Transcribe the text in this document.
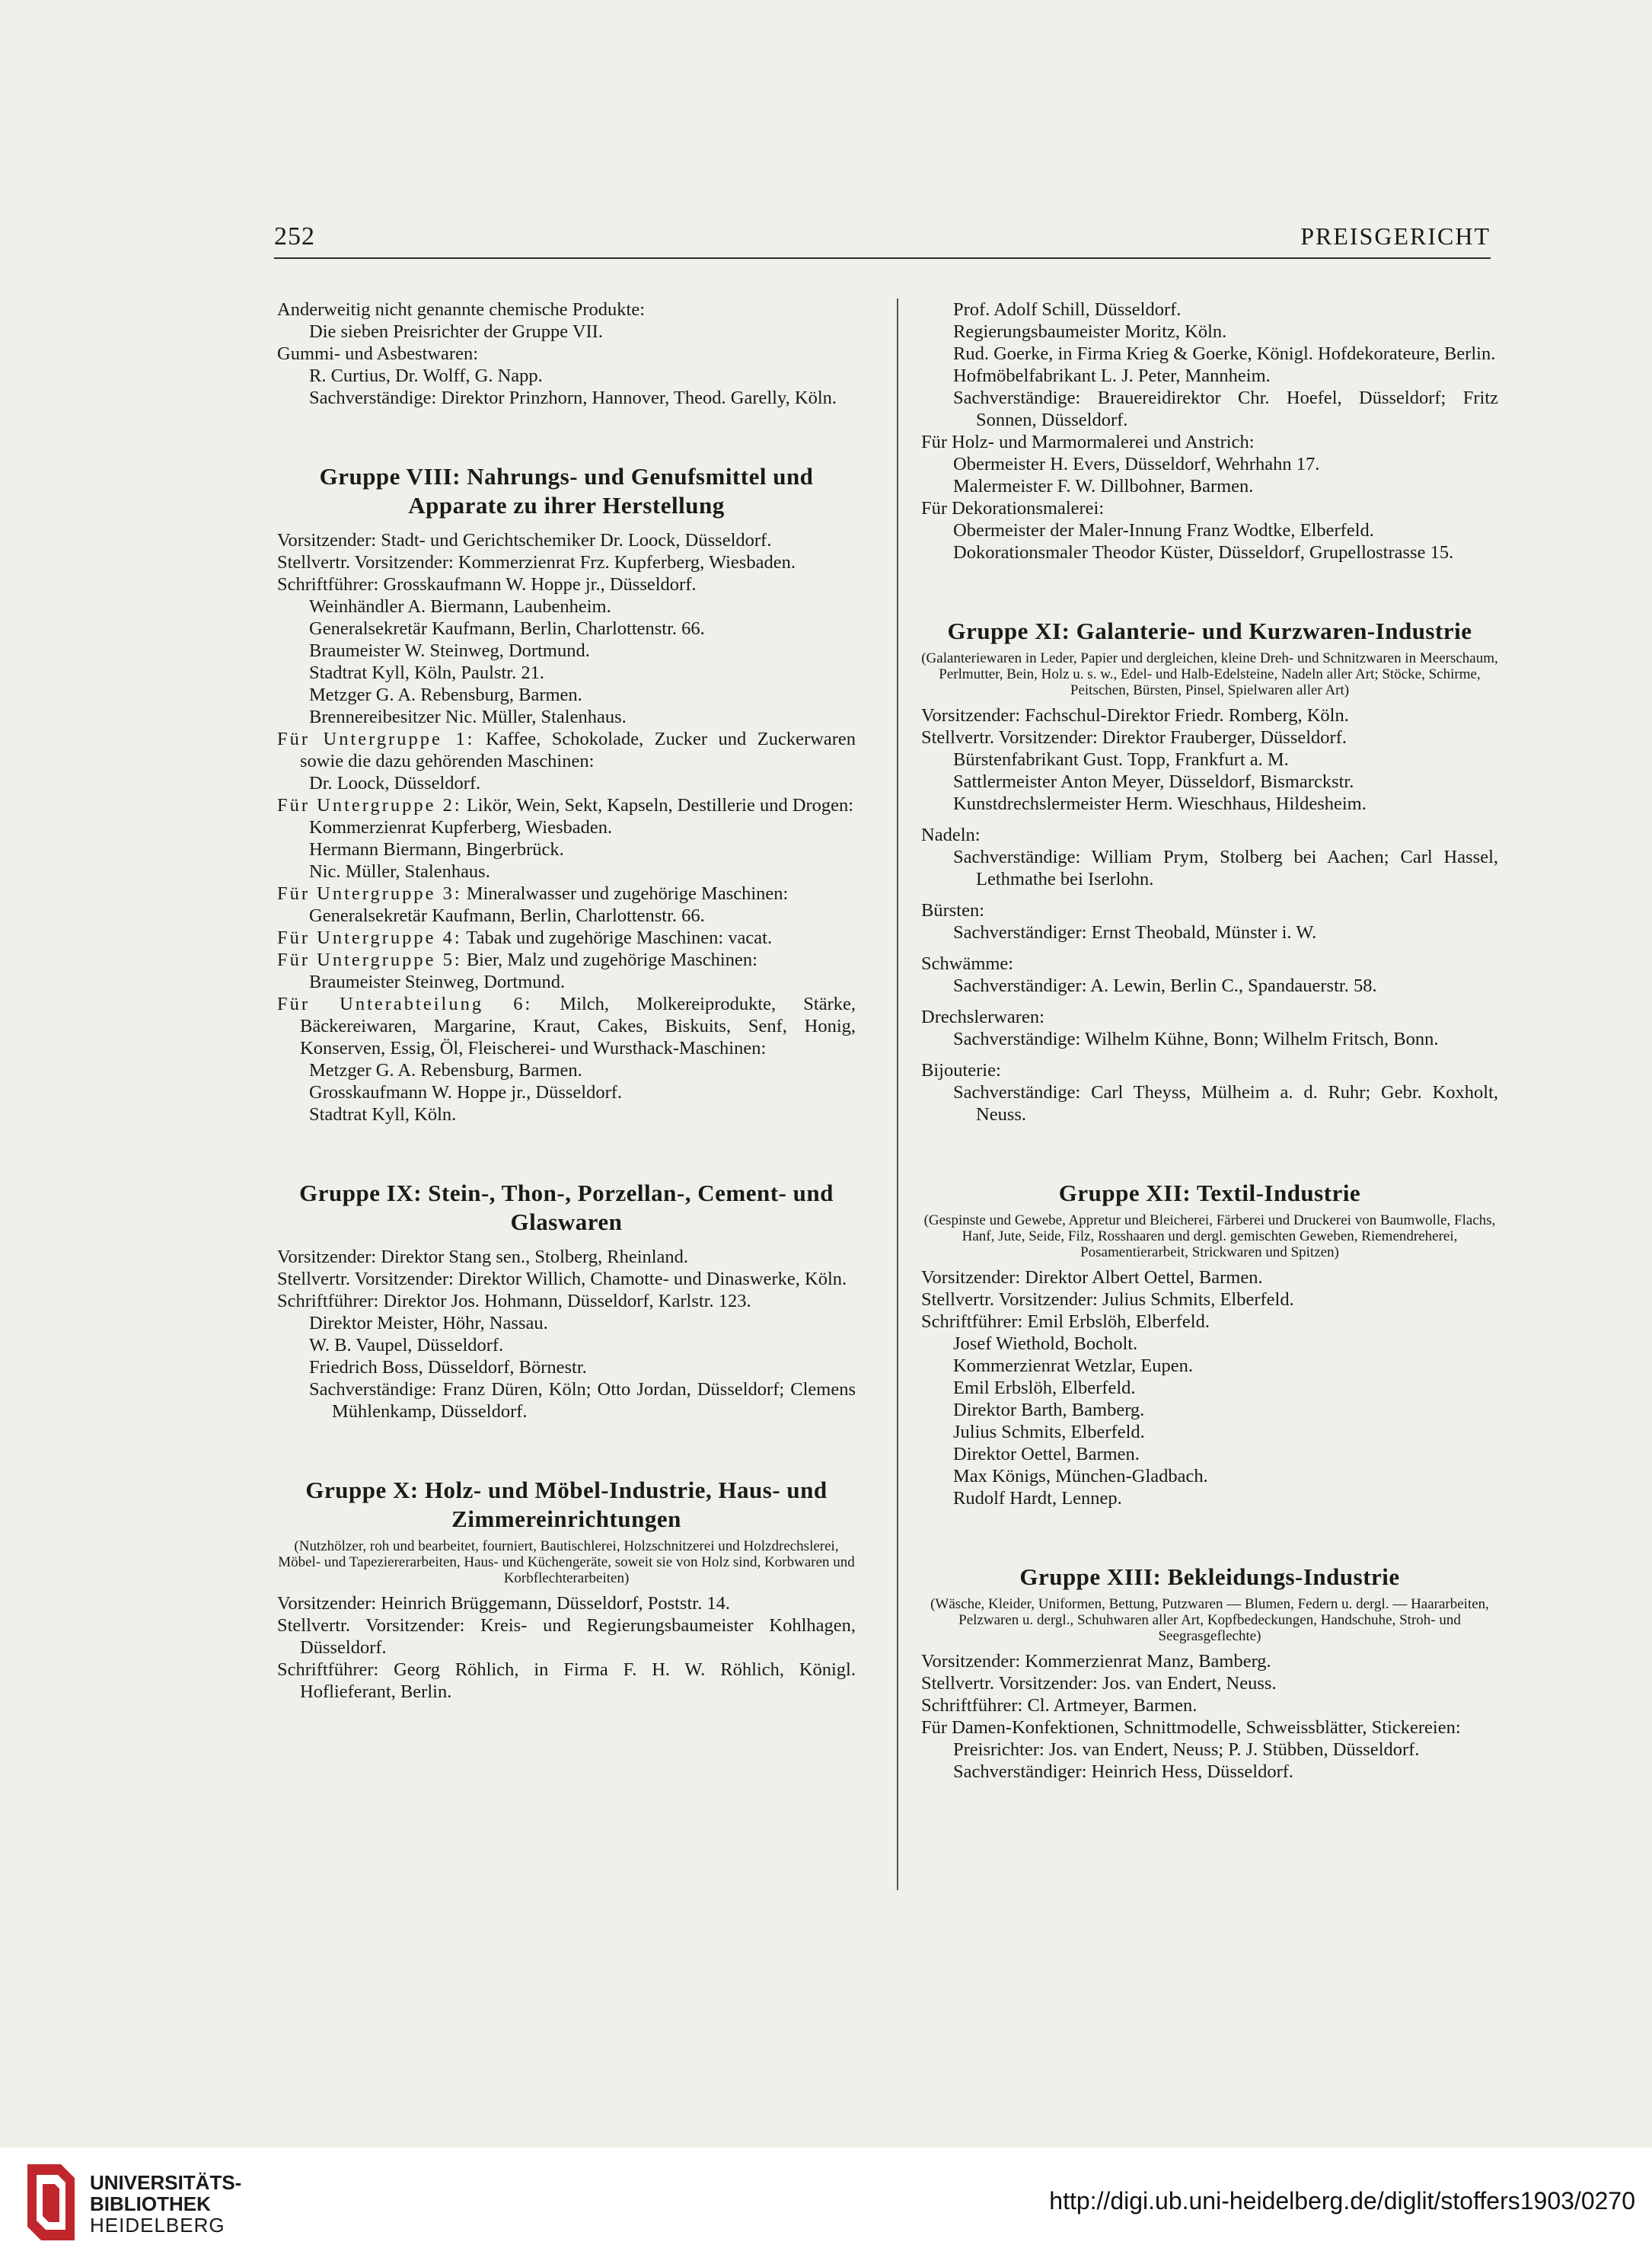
252	PREISGERICHT

Anderweitig nicht genannte chemische Produkte:

Die sieben Preisrichter der Gruppe VII.

Gummi- und Asbestwaren:

R. Curtius, Dr. Wolff, G. Napp.

Sachverständige: Direktor Prinzhorn, Hannover, Theod. Garelly, Köln.

Gruppe VIII: Nahrungs- und Genufsmittel und Apparate zu ihrer Herstellung

Vorsitzender: Stadt- und Gerichtschemiker Dr. Loock, Düsseldorf.

Stellvertr. Vorsitzender: Kommerzienrat Frz. Kupferberg, Wiesbaden.

Schriftführer: Grosskaufmann W. Hoppe jr., Düsseldorf.

Weinhändler A. Biermann, Laubenheim.

Generalsekretär Kaufmann, Berlin, Charlottenstr. 66.

Braumeister W. Steinweg, Dortmund.

Stadtrat Kyll, Köln, Paulstr. 21.

Metzger G. A. Rebensburg, Barmen.

Brennereibesitzer Nic. Müller, Stalenhaus.

Für Untergruppe 1: Kaffee, Schokolade, Zucker und Zuckerwaren sowie die dazu gehörenden Maschinen:

Dr. Loock, Düsseldorf.

Für Untergruppe 2: Likör, Wein, Sekt, Kapseln, Destillerie und Drogen:

Kommerzienrat Kupferberg, Wiesbaden.

Hermann Biermann, Bingerbrück.

Nic. Müller, Stalenhaus.

Für Untergruppe 3: Mineralwasser und zugehörige Maschinen:

Generalsekretär Kaufmann, Berlin, Charlottenstr. 66.

Für Untergruppe 4: Tabak und zugehörige Maschinen: vacat.

Für Untergruppe 5: Bier, Malz und zugehörige Maschinen:

Braumeister Steinweg, Dortmund.

Für Unterabteilung 6: Milch, Molkereiprodukte, Stärke, Bäckereiwaren, Margarine, Kraut, Cakes, Biskuits, Senf, Honig, Konserven, Essig, Öl, Fleischerei- und Wursthack-Maschinen:

Metzger G. A. Rebensburg, Barmen.

Grosskaufmann W. Hoppe jr., Düsseldorf.

Stadtrat Kyll, Köln.

Gruppe IX: Stein-, Thon-, Porzellan-, Cement- und Glaswaren

Vorsitzender: Direktor Stang sen., Stolberg, Rheinland.

Stellvertr. Vorsitzender: Direktor Willich, Chamotte- und Dinaswerke, Köln.

Schriftführer: Direktor Jos. Hohmann, Düsseldorf, Karlstr. 123.

Direktor Meister, Höhr, Nassau.

W. B. Vaupel, Düsseldorf.

Friedrich Boss, Düsseldorf, Börnestr.

Sachverständige: Franz Düren, Köln; Otto Jordan, Düsseldorf; Clemens Mühlenkamp, Düsseldorf.

Gruppe X: Holz- und Möbel-Industrie, Haus- und Zimmereinrichtungen

(Nutzhölzer, roh und bearbeitet, fourniert, Bautischlerei, Holzschnitzerei und Holzdrechslerei, Möbel- und Tapeziererarbeiten, Haus- und Küchengeräte, soweit sie von Holz sind, Korbwaren und Korbflechterarbeiten)

Vorsitzender: Heinrich Brüggemann, Düsseldorf, Poststr. 14.

Stellvertr. Vorsitzender: Kreis- und Regierungsbaumeister Kohlhagen, Düsseldorf.

Schriftführer: Georg Röhlich, in Firma F. H. W. Röhlich, Königl. Hoflieferant, Berlin.

Prof. Adolf Schill, Düsseldorf.

Regierungsbaumeister Moritz, Köln.

Rud. Goerke, in Firma Krieg & Goerke, Königl. Hofdekorateure, Berlin.

Hofmöbelfabrikant L. J. Peter, Mannheim.

Sachverständige: Brauereidirektor Chr. Hoefel, Düsseldorf; Fritz Sonnen, Düsseldorf.

Für Holz- und Marmormalerei und Anstrich:

Obermeister H. Evers, Düsseldorf, Wehrhahn 17.

Malermeister F. W. Dillbohner, Barmen.

Für Dekorationsmalerei:

Obermeister der Maler-Innung Franz Wodtke, Elberfeld.

Dokorationsmaler Theodor Küster, Düsseldorf, Grupellostrasse 15.

Gruppe XI: Galanterie- und Kurzwaren-Industrie

(Galanteriewaren in Leder, Papier und dergleichen, kleine Dreh- und Schnitzwaren in Meerschaum, Perlmutter, Bein, Holz u. s. w., Edel- und Halb-Edelsteine, Nadeln aller Art; Stöcke, Schirme, Peitschen, Bürsten, Pinsel, Spielwaren aller Art)

Vorsitzender: Fachschul-Direktor Friedr. Romberg, Köln.

Stellvertr. Vorsitzender: Direktor Frauberger, Düsseldorf.

Bürstenfabrikant Gust. Topp, Frankfurt a. M.

Sattlermeister Anton Meyer, Düsseldorf, Bismarckstr.

Kunstdrechslermeister Herm. Wieschhaus, Hildesheim.

Nadeln:

Sachverständige: William Prym, Stolberg bei Aachen; Carl Hassel, Lethmathe bei Iserlohn.

Bürsten:

Sachverständiger: Ernst Theobald, Münster i. W.

Schwämme:

Sachverständiger: A. Lewin, Berlin C., Spandauerstr. 58.

Drechslerwaren:

Sachverständige: Wilhelm Kühne, Bonn; Wilhelm Fritsch, Bonn.

Bijouterie:

Sachverständige: Carl Theyss, Mülheim a. d. Ruhr; Gebr. Koxholt, Neuss.

Gruppe XII: Textil-Industrie

(Gespinste und Gewebe, Appretur und Bleicherei, Färberei und Druckerei von Baumwolle, Flachs, Hanf, Jute, Seide, Filz, Rosshaaren und dergl. gemischten Geweben, Riemendreherei, Posamentierarbeit, Strickwaren und Spitzen)

Vorsitzender: Direktor Albert Oettel, Barmen.

Stellvertr. Vorsitzender: Julius Schmits, Elberfeld.

Schriftführer: Emil Erbslöh, Elberfeld.

Josef Wiethold, Bocholt.

Kommerzienrat Wetzlar, Eupen.

Emil Erbslöh, Elberfeld.

Direktor Barth, Bamberg.

Julius Schmits, Elberfeld.

Direktor Oettel, Barmen.

Max Königs, München-Gladbach.

Rudolf Hardt, Lennep.

Gruppe XIII: Bekleidungs-Industrie

(Wäsche, Kleider, Uniformen, Bettung, Putzwaren — Blumen, Federn u. dergl. — Haararbeiten, Pelzwaren u. dergl., Schuhwaren aller Art, Kopfbedeckungen, Handschuhe, Stroh- und Seegrasgeflechte)

Vorsitzender: Kommerzienrat Manz, Bamberg.

Stellvertr. Vorsitzender: Jos. van Endert, Neuss.

Schriftführer: Cl. Artmeyer, Barmen.

Für Damen-Konfektionen, Schnittmodelle, Schweissblätter, Stickereien:

Preisrichter: Jos. van Endert, Neuss; P. J. Stübben, Düsseldorf.

Sachverständiger: Heinrich Hess, Düsseldorf.

UNIVERSITÄTS-
BIBLIOTHEK
HEIDELBERG
http://digi.ub.uni-heidelberg.de/diglit/stoffers1903/0270
